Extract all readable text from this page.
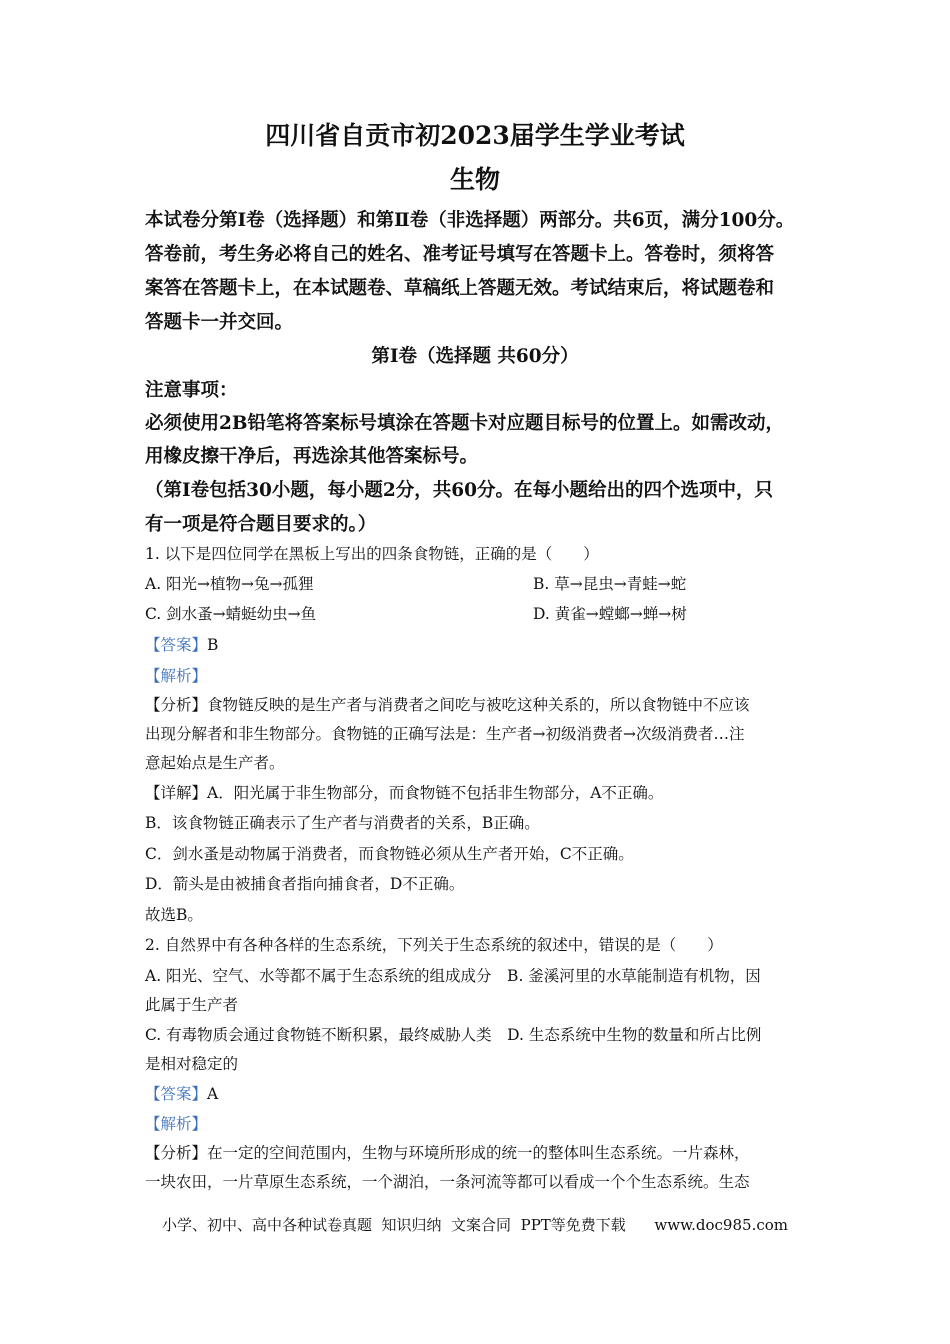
四川省自贡市初2023届学生学业考试
生物
本试卷分第I卷（选择题）和第Ⅱ卷（非选择题）两部分。共6页，满分100分。
答卷前，考生务必将自己的姓名、准考证号填写在答题卡上。答卷时，须将答
案答在答题卡上，在本试题卷、草稿纸上答题无效。考试结束后，将试题卷和
答题卡一并交回。
第I卷（选择题 共60分）
注意事项：
必须使用2B铅笔将答案标号填涂在答题卡对应题目标号的位置上。如需改动，
用橡皮擦干净后，再选涂其他答案标号。
（第I卷包括30小题，每小题2分，共60分。在每小题给出的四个选项中，只
有一项是符合题目要求的。）
1. 以下是四位同学在黑板上写出的四条食物链，正确的是（　　）
A. 阳光→植物→兔→孤狸	B. 草→昆虫→青蛙→蛇
C. 剑水蚤→蜻蜓幼虫→鱼	D. 黄雀→螳螂→蝉→树
【答案】B
【解析】
【分析】食物链反映的是生产者与消费者之间吃与被吃这种关系的，所以食物链中不应该
出现分解者和非生物部分。食物链的正确写法是：生产者→初级消费者→次级消费者…注
意起始点是生产者。
【详解】A．阳光属于非生物部分，而食物链不包括非生物部分，A不正确。
B．该食物链正确表示了生产者与消费者的关系，B正确。
C．剑水蚤是动物属于消费者，而食物链必须从生产者开始，C不正确。
D．箭头是由被捕食者指向捕食者，D不正确。
故选B。
2. 自然界中有各种各样的生态系统，下列关于生态系统的叙述中，错误的是（　　）
A. 阳光、空气、水等都不属于生态系统的组成成分　B. 釜溪河里的水草能制造有机物，因
此属于生产者
C. 有毒物质会通过食物链不断积累，最终威胁人类　D. 生态系统中生物的数量和所占比例
是相对稳定的
【答案】A
【解析】
【分析】在一定的空间范围内，生物与环境所形成的统一的整体叫生态系统。一片森林，
一块农田，一片草原生态系统，一个湖泊，一条河流等都可以看成一个个生态系统。生态
小学、初中、高中各种试卷真题  知识归纳  文案合同  PPT等免费下载      www.doc985.com
